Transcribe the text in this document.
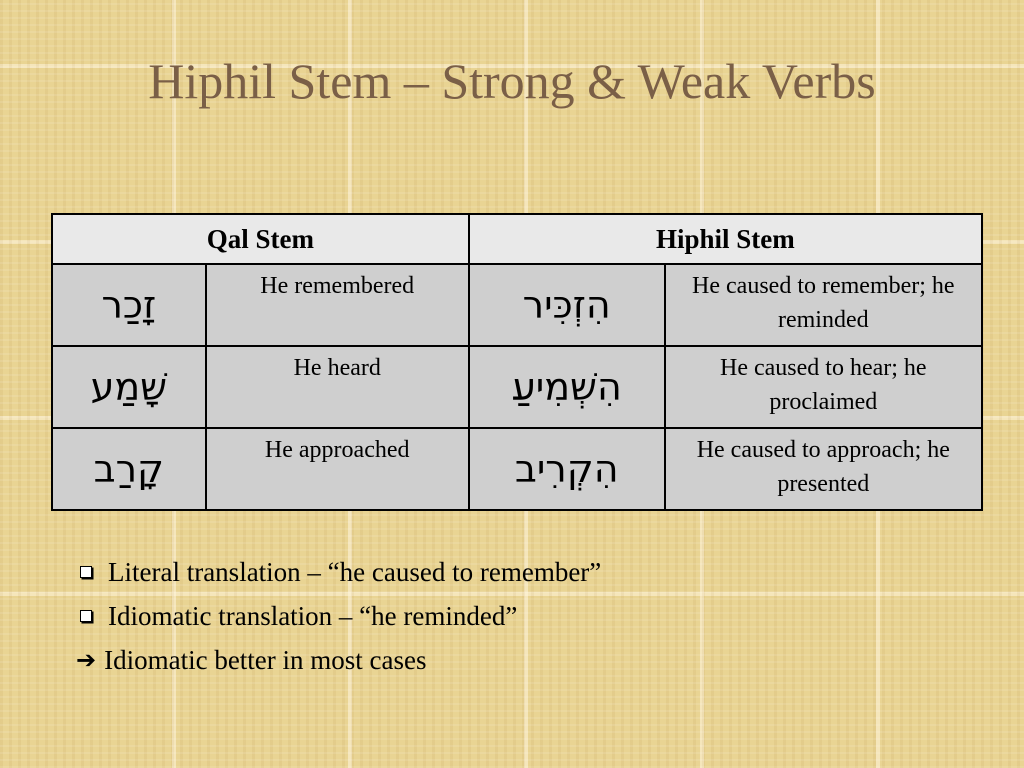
Hiphil Stem – Strong & Weak Verbs
Qal Stem		Hiphil Stem	
זָכַר	He remembered	הִזְכִּיר	He caused to remember; he reminded
שָׁמַע	He heard	הִשְׁמִיעַ	He caused to hear; he proclaimed
קָרַב	He approached	הִקְרִיב	He caused to approach; he presented
Literal translation – “he caused to remember”
Idiomatic translation – “he reminded”
➔ Idiomatic better in most cases
